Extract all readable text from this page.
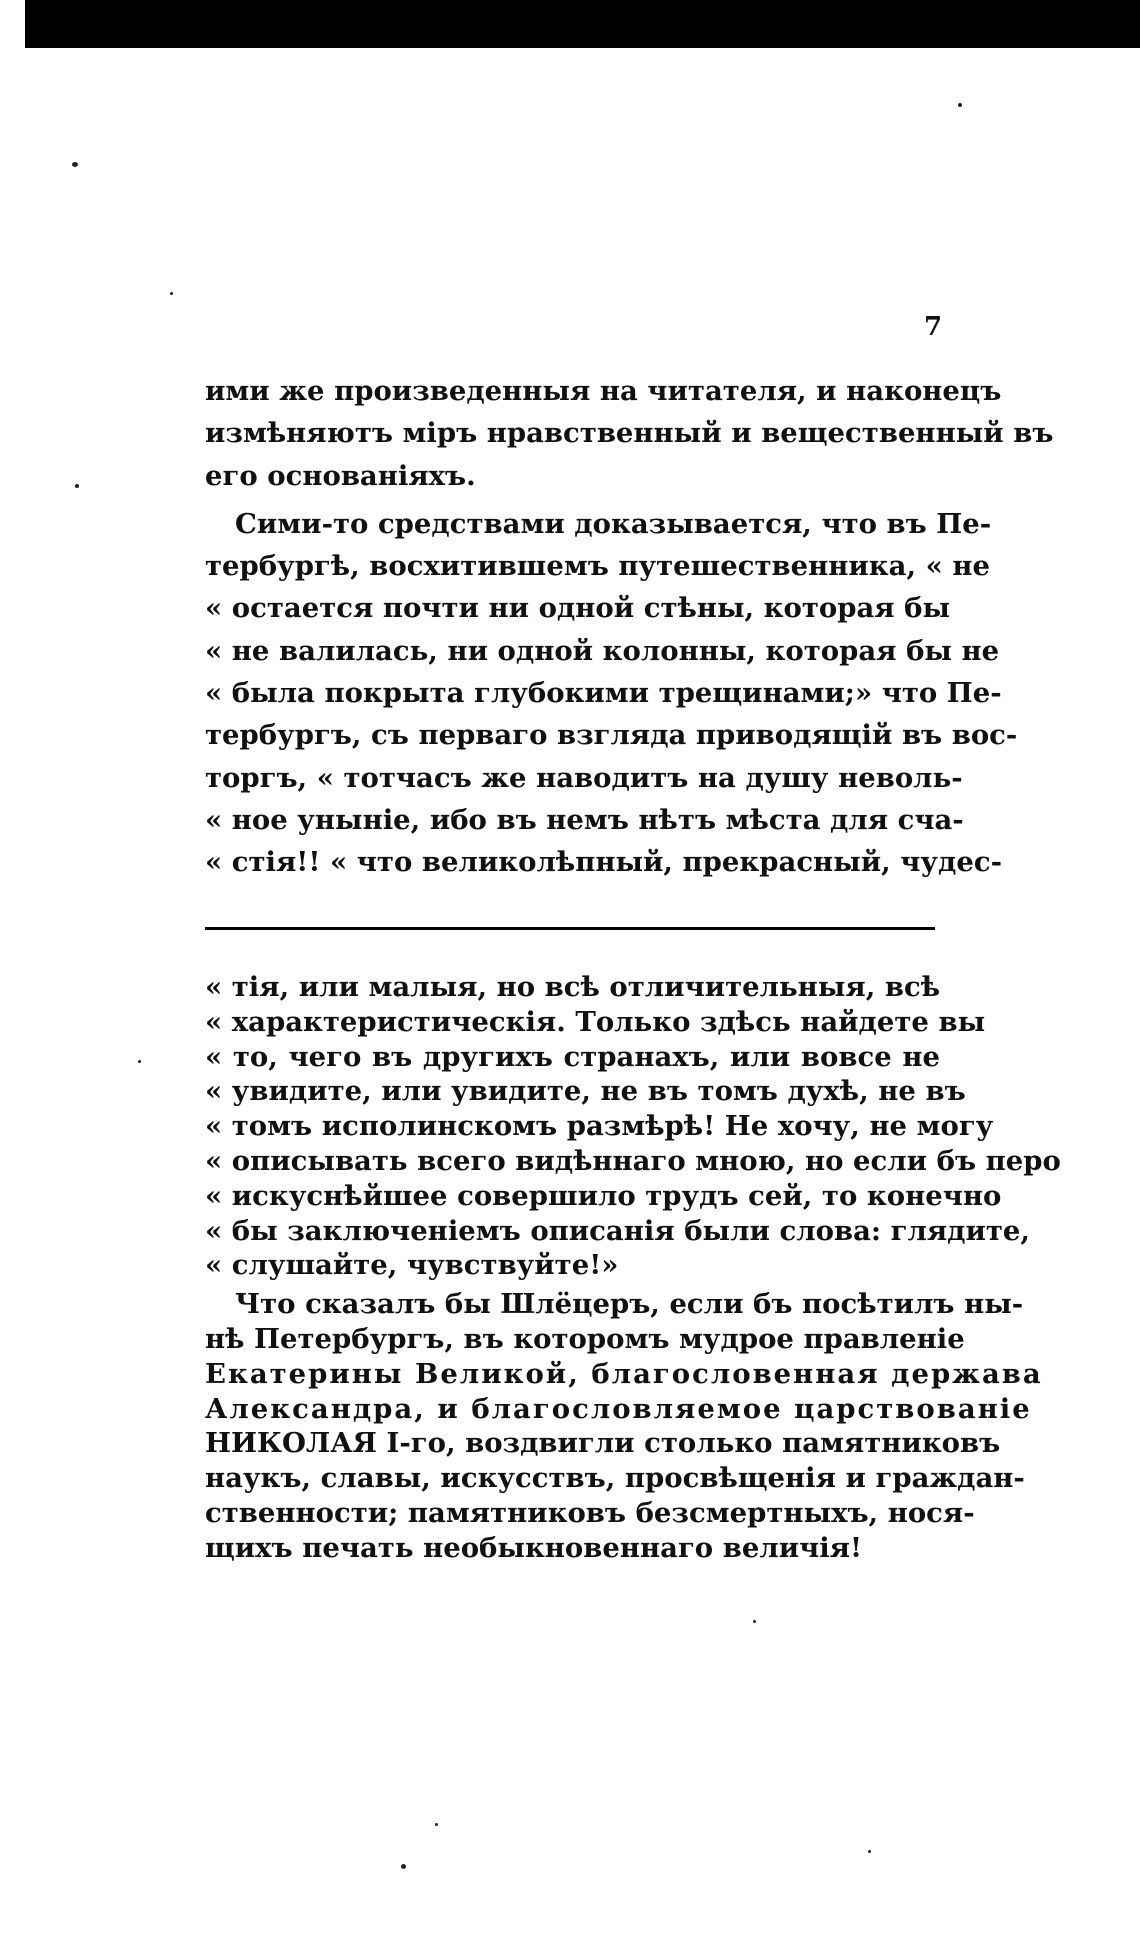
7

ими же произведенныя на читателя, и наконецъ
измѣняютъ міръ нравственный и вещественный въ
его основаніяхъ.

Сими-то средствами доказывается, что въ Пе-
тербургѣ, восхитившемъ путешественника, « не
« остается почти ни одной стѣны, которая бы
« не валилась, ни одной колонны, которая бы не
« была покрыта глубокими трещинами;» что Пе-
тербургъ, съ перваго взгляда приводящій въ вос-
торгъ, « тотчасъ же наводитъ на душу неволь-
« ное уныніе, ибо въ немъ нѣтъ мѣста для сча-
« стія!! « что великолѣпный, прекрасный, чудес-

« тія, или малыя, но всѣ отличительныя, всѣ
« характеристическія. Только здѣсь найдете вы
« то, чего въ другихъ странахъ, или вовсе не
« увидите, или увидите, не въ томъ духѣ, не въ
« томъ исполинскомъ размѣрѣ! Не хочу, не могу
« описывать всего видѣннаго мною, но если бъ перо
« искуснѣйшее совершило трудъ сей, то конечно
« бы заключеніемъ описанія были слова: глядите,
« слушайте, чувствуйте!»

Что сказалъ бы Шлёцеръ, если бъ посѣтилъ ны-
нѣ Петербургъ, въ которомъ мудрое правленіе
Екатерины Великой, благословенная держава
Александра, и благословляемое царствованіе
НИКОЛАЯ I-го, воздвигли столько памятниковъ
наукъ, славы, искусствъ, просвѣщенія и граждан-
ственности; памятниковъ безсмертныхъ, нося-
щихъ печать необыкновеннаго величія!
